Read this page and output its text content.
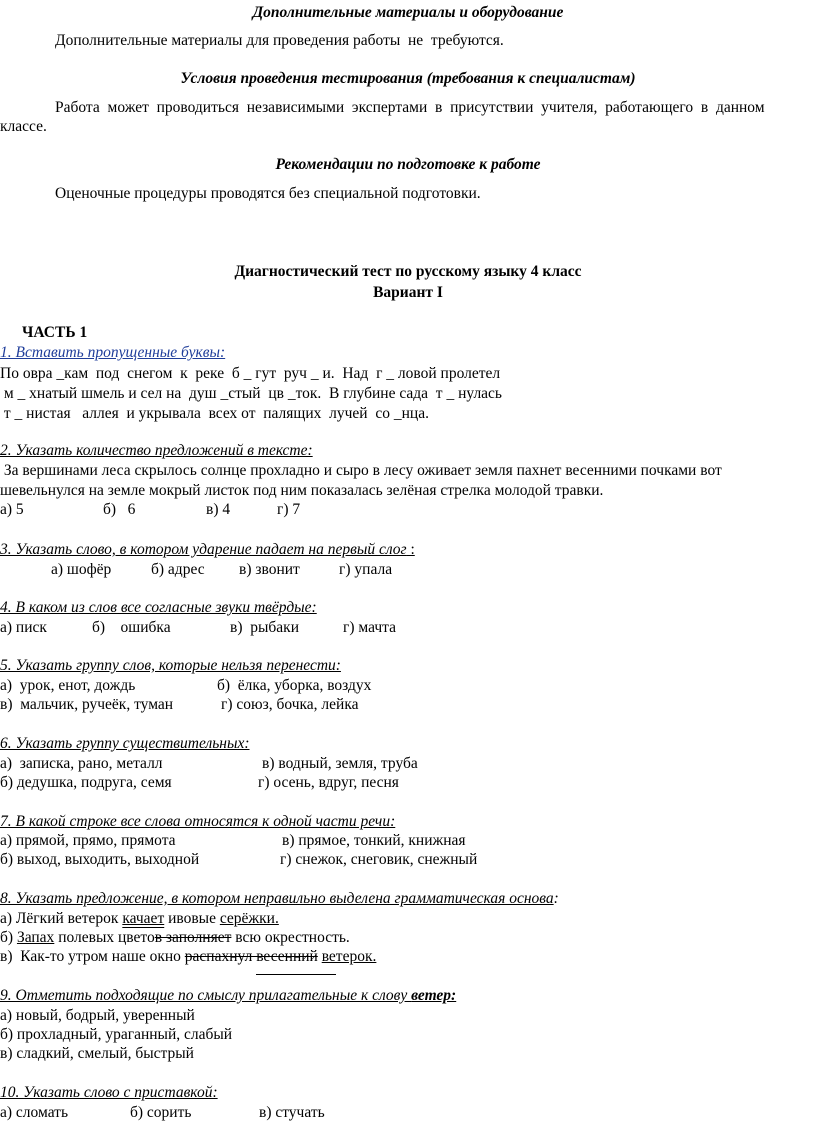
Дополнительные материалы и оборудование
Дополнительные материалы для проведения работы  не  требуются.
Условия проведения тестирования (требования к специалистам)
Работа  может  проводиться  независимыми  экспертами  в  присутствии  учителя,  работающего  в  данном
классе.
Рекомендации по подготовке к работе
Оценочные процедуры проводятся без специальной подготовки.
Диагностический тест по русскому языку 4 класс
Вариант I
ЧАСТЬ 1
1. Вставить пропущенные буквы:
По овра _кам  под  снегом  к  реке  б _ гут  руч _ и.  Над  г _ ловой пролетел
м _ хнатый шмель и сел на  душ _стый  цв _ток.  В глубине сада  т _ нулась
т _ нистая   аллея  и укрывала  всех от  палящих  лучей  со _нца.
2. Указать количество предложений в тексте:
За вершинами леса скрылось солнце прохладно и сыро в лесу оживает земля пахнет весенними почками вот
шевельнулся на земле мокрый листок под ним показалась зелёная стрелка молодой травки.
а) 5	б)   6	в) 4	г) 7
3. Указать слово, в котором ударение падает на первый слог :
а) шофёр	б) адрес в) звонит	г) упала
4. В каком из слов все согласные звуки твёрдые:
а) писк	б)    ошибка	в)  рыбаки	г) мачта
5. Указать группу слов, которые нельзя перенести:
а)  урок, енот, дождь	б)  ёлка, уборка, воздух
в)  мальчик, ручеёк, туман	г) союз, бочка, лейка
6. Указать группу существительных:
а)  записка, рано, металл	в) водный, земля, труба
б) дедушка, подруга, семя	г) осень, вдруг, песня
7. В какой строке все слова относятся к одной части речи:
а) прямой, прямо, прямота	в) прямое, тонкий, книжная
б) выход, выходить, выходной	г) снежок, снеговик, снежный
8. Указать предложение, в котором неправильно выделена грамматическая основа:
а) Лёгкий ветерок качает ивовые серёжки.
б) Запах полевых цветов заполняет всю окрестность.
в)  Как-то утром наше окно распахнул весенний ветерок.
9. Отметить подходящие по смыслу прилагательные к слову ветер:
а) новый, бодрый, уверенный
б) прохладный, ураганный, слабый
в) сладкий, смелый, быстрый
10. Указать слово с приставкой:
а) сломать	б) сорить	в) стучать
